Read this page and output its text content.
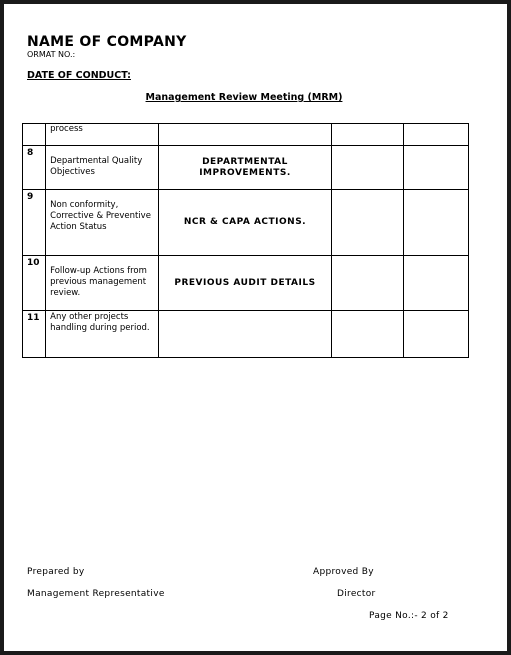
NAME OF COMPANY
ORMAT NO.:
DATE OF CONDUCT:
Management Review Meeting (MRM)
	process			
8	Departmental Quality Objectives	DEPARTMENTAL IMPROVEMENTS.		
9	Non conformity, Corrective & Preventive Action Status	NCR & CAPA ACTIONS.		
10	Follow-up Actions from previous management review.	PREVIOUS AUDIT DETAILS		
11	Any other projects handling during period.			
Prepared by	Approved By
Management Representative	Director
Page No.:- 2 of 2
